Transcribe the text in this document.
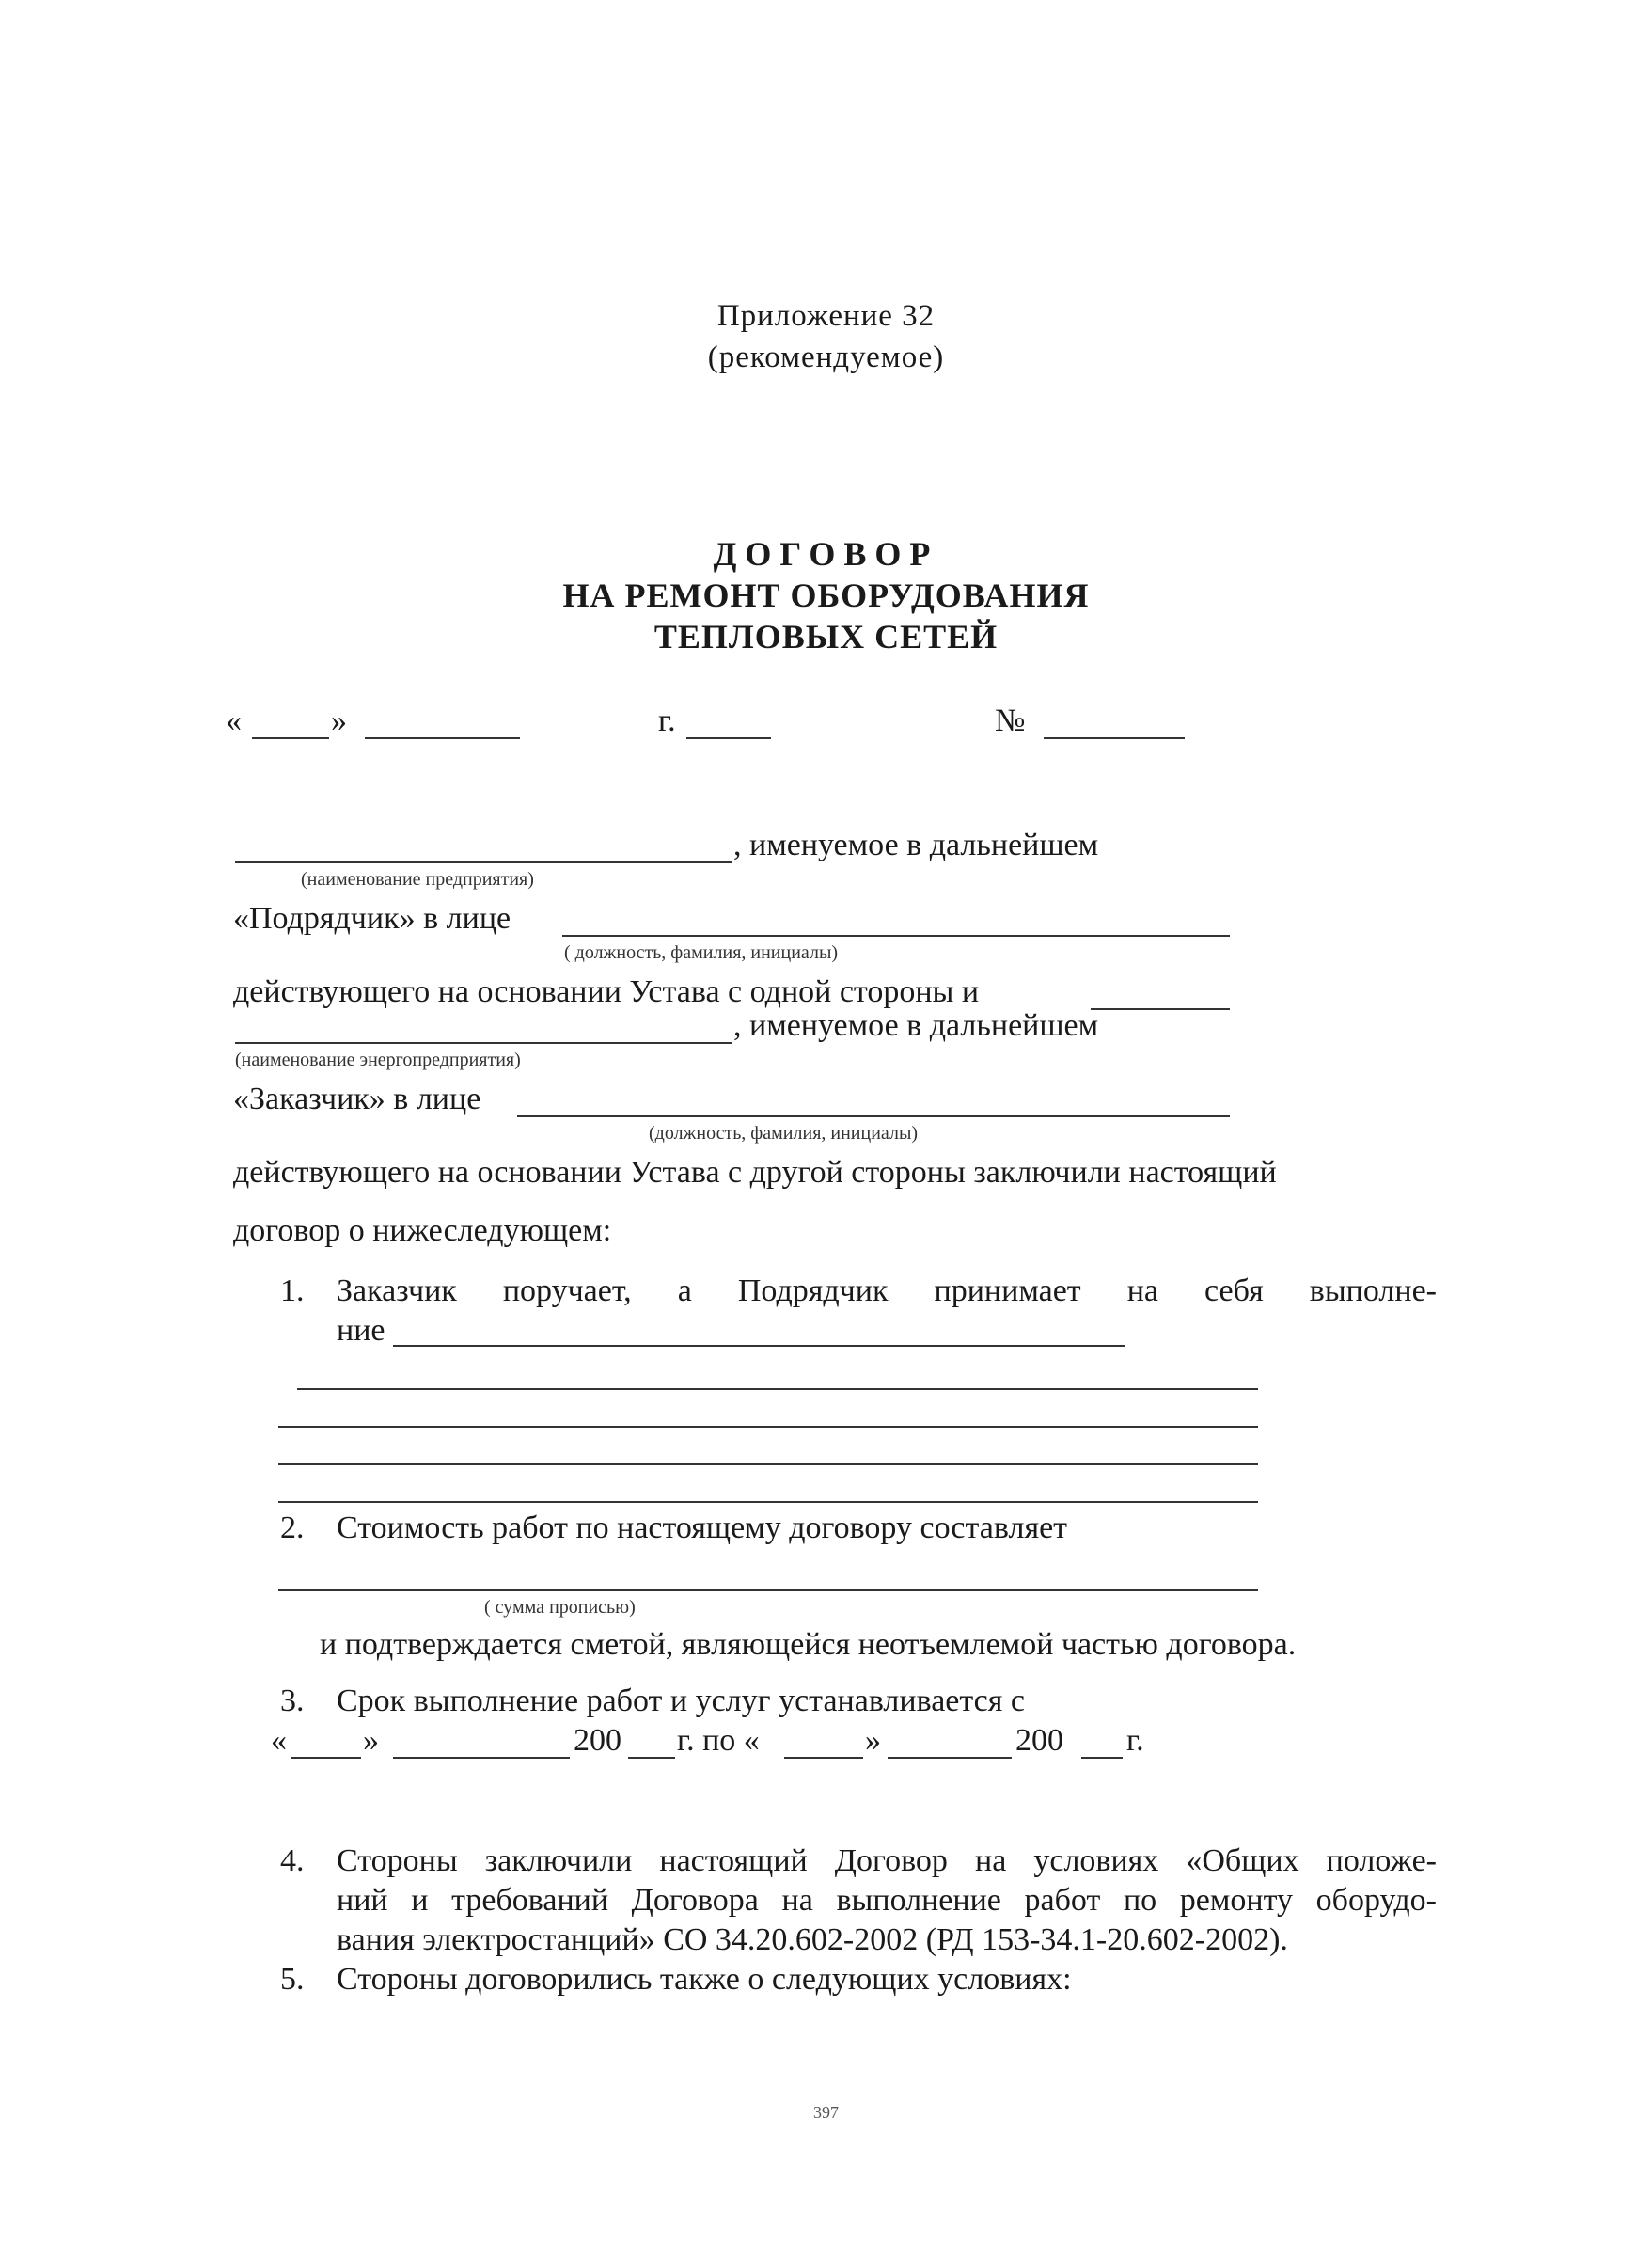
Приложение 32
(рекомендуемое)
ДОГОВОР
НА РЕМОНТ ОБОРУДОВАНИЯ
ТЕПЛОВЫХ СЕТЕЙ
«	»	г.	№
, именуемое в дальнейшем
(наименование предприятия)
«Подрядчик» в лице
( должность, фамилия, инициалы)
действующего на основании Устава с одной стороны и
, именуемое в дальнейшем
(наименование энергопредприятия)
«Заказчик» в лице
(должность, фамилия, инициалы)
действующего на основании Устава с другой стороны заключили настоящий
договор о нижеследующем:
1. Заказчик поручает, а Подрядчик принимает на себя выполне-
ние
2. Стоимость работ по настоящему договору составляет
( сумма прописью)
и подтверждается сметой, являющейся неотъемлемой частью договора.
3. Срок выполнение работ и услуг устанавливается с
« »	200 г. по «	»	200 г.
4. Стороны заключили настоящий Договор на условиях «Общих положе-
ний и требований Договора на выполнение работ по ремонту оборудо-
вания электростанций» СО 34.20.602-2002 (РД 153-34.1-20.602-2002).
5. Стороны договорились также о следующих условиях:
397
